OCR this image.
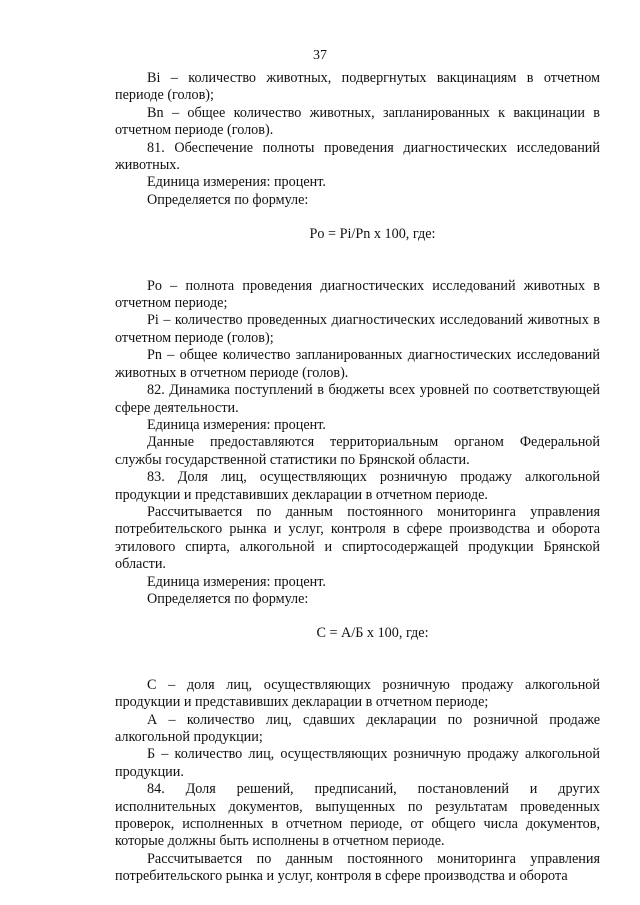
37

Bi – количество животных, подвергнутых вакцинациям в отчетном периоде (голов);

Bn – общее количество животных, запланированных к вакцинации в отчетном периоде (голов).

81. Обеспечение полноты проведения диагностических исследований животных.

Единица измерения: процент.

Определяется по формуле:

Po = Pi/Pn x 100, где:

Po – полнота проведения диагностических исследований животных в отчетном периоде;

Pi – количество проведенных диагностических исследований животных в отчетном периоде (голов);

Pn – общее количество запланированных диагностических исследований животных в отчетном периоде (голов).

82. Динамика поступлений в бюджеты всех уровней по соответствующей сфере деятельности.

Единица измерения: процент.

Данные предоставляются территориальным органом Федеральной службы государственной статистики по Брянской области.

83. Доля лиц, осуществляющих розничную продажу алкогольной продукции и представивших декларации в отчетном периоде.

Рассчитывается по данным постоянного мониторинга управления потребительского рынка и услуг, контроля в сфере производства и оборота этилового спирта, алкогольной и спиртосодержащей продукции Брянской области.

Единица измерения: процент.

Определяется по формуле:

C = А/Б x 100, где:

C – доля лиц, осуществляющих розничную продажу алкогольной продукции и представивших декларации в отчетном периоде;

А – количество лиц, сдавших декларации по розничной продаже алкогольной продукции;

Б – количество лиц, осуществляющих розничную продажу алкогольной продукции.

84. Доля решений, предписаний, постановлений и других исполнительных документов, выпущенных по результатам проведенных проверок, исполненных в отчетном периоде, от общего числа документов, которые должны быть исполнены в отчетном периоде.

Рассчитывается по данным постоянного мониторинга управления потребительского рынка и услуг, контроля в сфере производства и оборота
